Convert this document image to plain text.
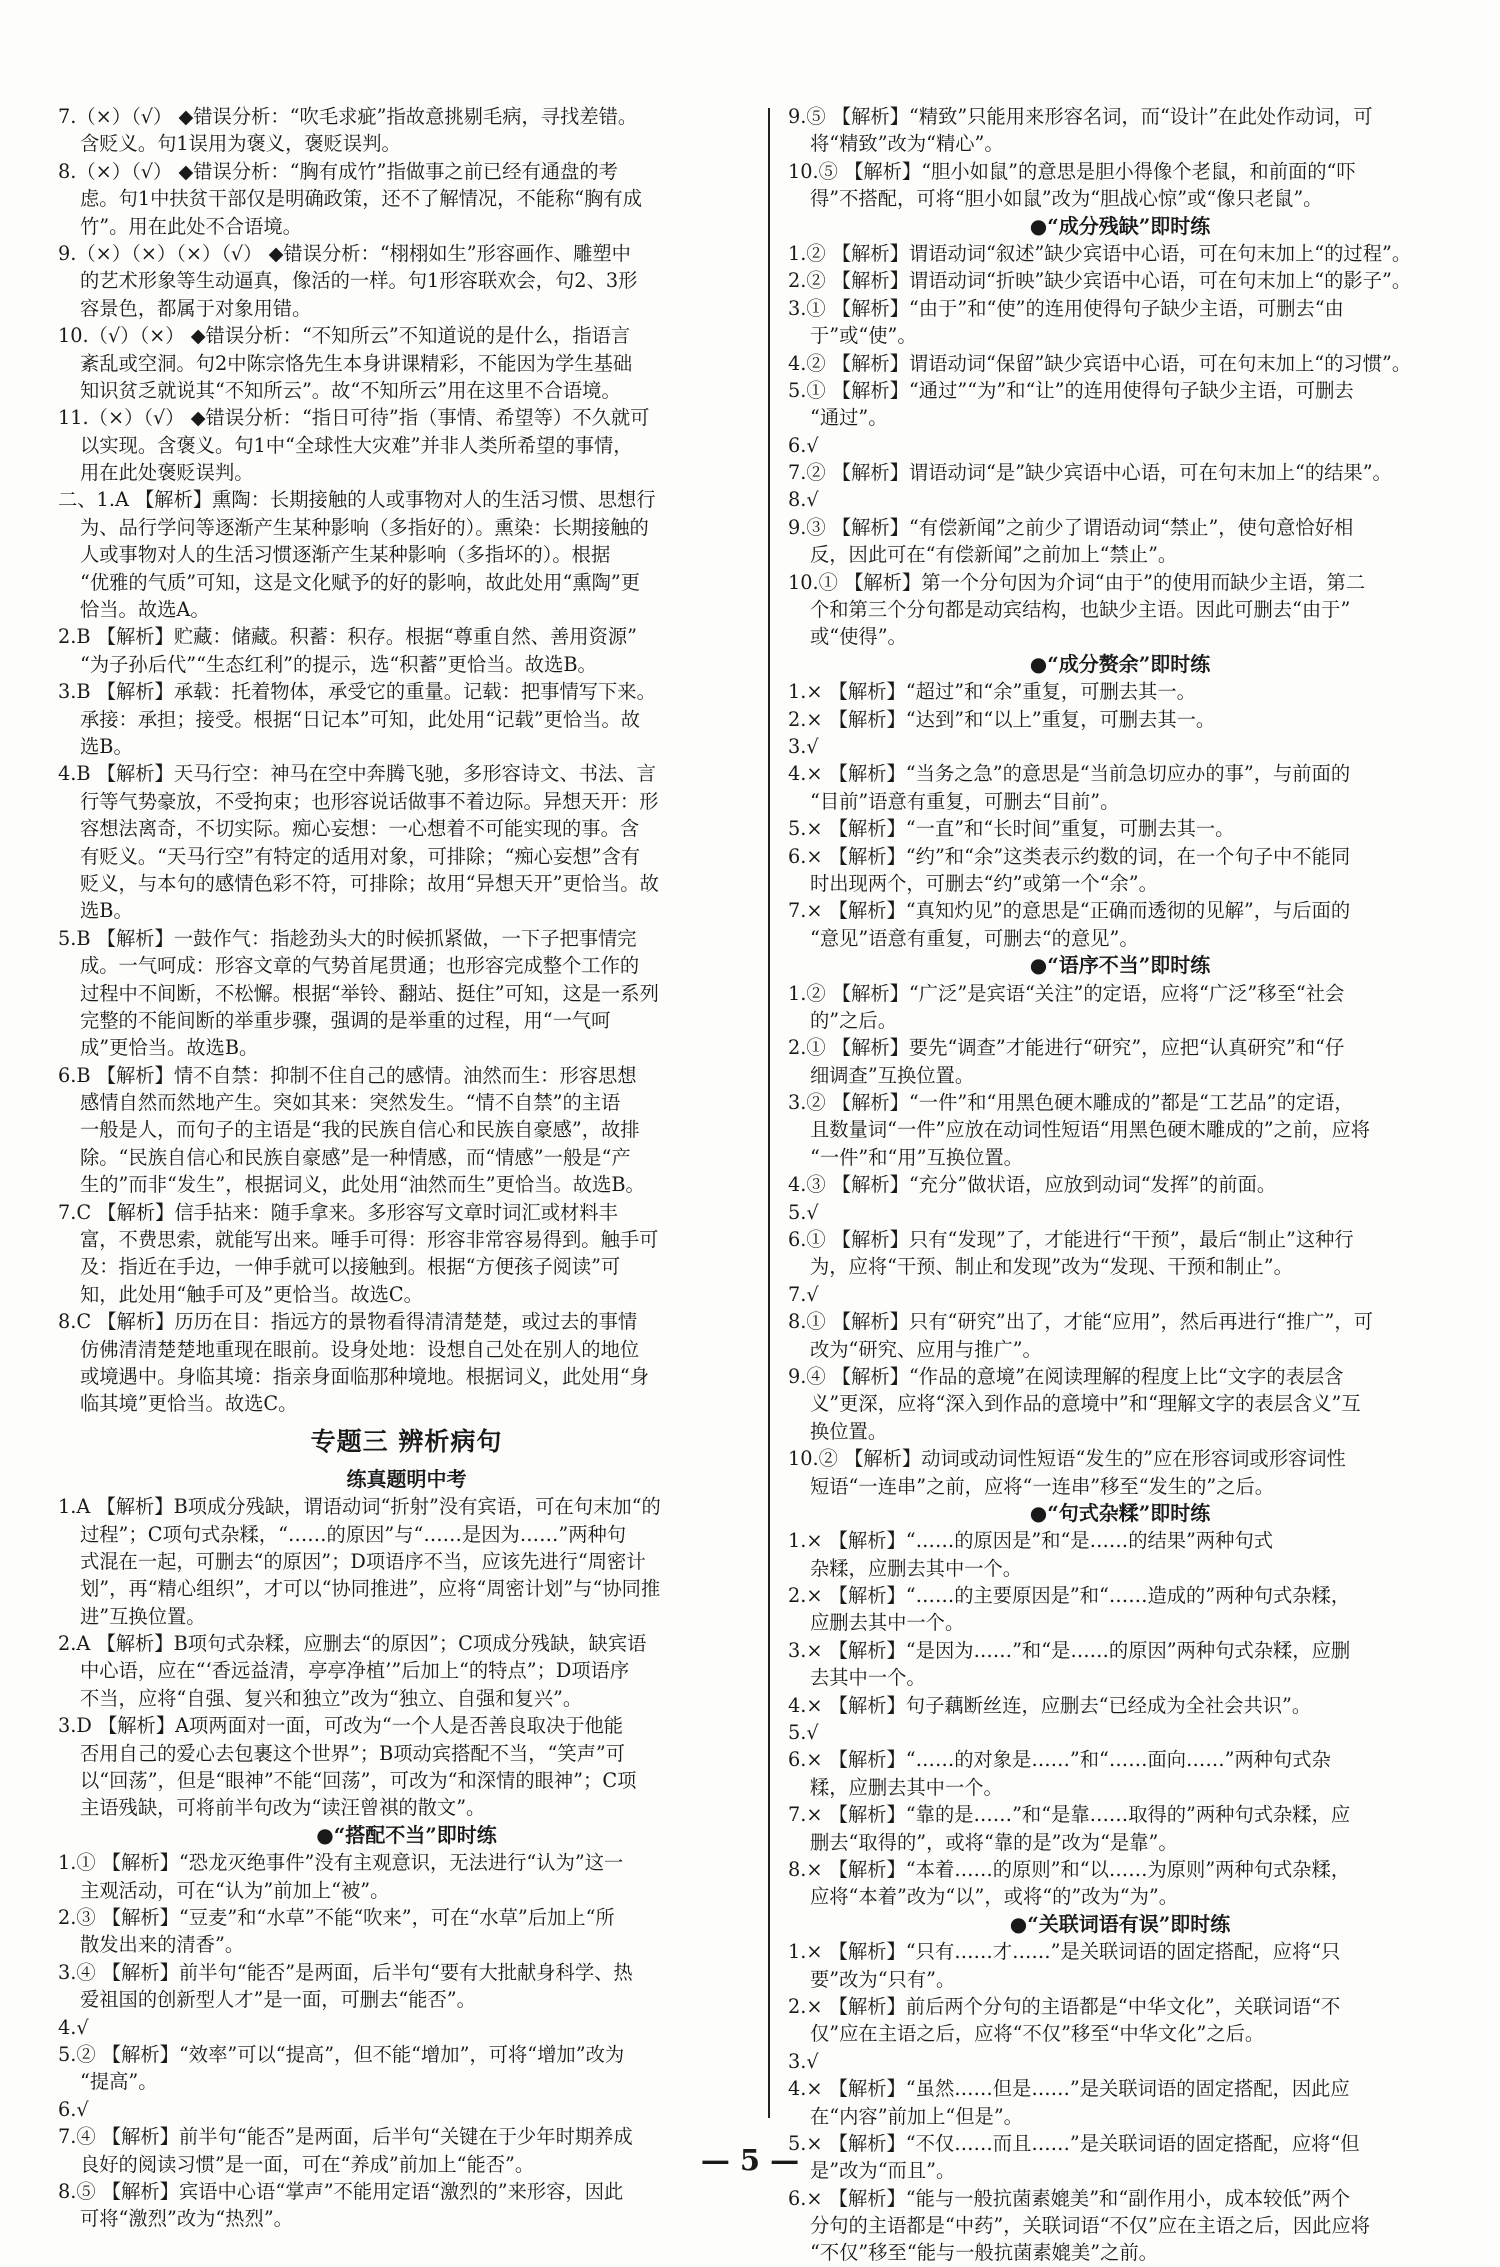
7.（×）（√） ◆错误分析：“吹毛求疵”指故意挑剔毛病，寻找差错。
含贬义。句1误用为褒义，褒贬误判。
8.（×）（√） ◆错误分析：“胸有成竹”指做事之前已经有通盘的考
虑。句1中扶贫干部仅是明确政策，还不了解情况，不能称“胸有成
竹”。用在此处不合语境。
9.（×）（×）（×）（√） ◆错误分析：“栩栩如生”形容画作、雕塑中
的艺术形象等生动逼真，像活的一样。句1形容联欢会，句2、3形
容景色，都属于对象用错。
10.（√）（×） ◆错误分析：“不知所云”不知道说的是什么，指语言
紊乱或空洞。句2中陈宗恪先生本身讲课精彩，不能因为学生基础
知识贫乏就说其“不知所云”。故“不知所云”用在这里不合语境。
11.（×）（√） ◆错误分析：“指日可待”指（事情、希望等）不久就可
以实现。含褒义。句1中“全球性大灾难”并非人类所希望的事情，
用在此处褒贬误判。
二、1.A 【解析】熏陶：长期接触的人或事物对人的生活习惯、思想行
为、品行学问等逐渐产生某种影响（多指好的）。熏染：长期接触的
人或事物对人的生活习惯逐渐产生某种影响（多指坏的）。根据
“优雅的气质”可知，这是文化赋予的好的影响，故此处用“熏陶”更
恰当。故选A。
2.B 【解析】贮藏：储藏。积蓄：积存。根据“尊重自然、善用资源”
“为子孙后代”“生态红利”的提示，选“积蓄”更恰当。故选B。
3.B 【解析】承载：托着物体，承受它的重量。记载：把事情写下来。
承接：承担；接受。根据“日记本”可知，此处用“记载”更恰当。故
选B。
4.B 【解析】天马行空：神马在空中奔腾飞驰，多形容诗文、书法、言
行等气势豪放，不受拘束；也形容说话做事不着边际。异想天开：形
容想法离奇，不切实际。痴心妄想：一心想着不可能实现的事。含
有贬义。“天马行空”有特定的适用对象，可排除；“痴心妄想”含有
贬义，与本句的感情色彩不符，可排除；故用“异想天开”更恰当。故
选B。
5.B 【解析】一鼓作气：指趁劲头大的时候抓紧做，一下子把事情完
成。一气呵成：形容文章的气势首尾贯通；也形容完成整个工作的
过程中不间断，不松懈。根据“举铃、翻站、挺住”可知，这是一系列
完整的不能间断的举重步骤，强调的是举重的过程，用“一气呵
成”更恰当。故选B。
6.B 【解析】情不自禁：抑制不住自己的感情。油然而生：形容思想
感情自然而然地产生。突如其来：突然发生。“情不自禁”的主语
一般是人，而句子的主语是“我的民族自信心和民族自豪感”，故排
除。“民族自信心和民族自豪感”是一种情感，而“情感”一般是“产
生的”而非“发生”，根据词义，此处用“油然而生”更恰当。故选B。
7.C 【解析】信手拈来：随手拿来。多形容写文章时词汇或材料丰
富，不费思索，就能写出来。唾手可得：形容非常容易得到。触手可
及：指近在手边，一伸手就可以接触到。根据“方便孩子阅读”可
知，此处用“触手可及”更恰当。故选C。
8.C 【解析】历历在目：指远方的景物看得清清楚楚，或过去的事情
仿佛清清楚楚地重现在眼前。设身处地：设想自己处在别人的地位
或境遇中。身临其境：指亲身面临那种境地。根据词义，此处用“身
临其境”更恰当。故选C。
专题三 辨析病句
练真题明中考
1.A 【解析】B项成分残缺，谓语动词“折射”没有宾语，可在句末加“的
过程”；C项句式杂糅，“……的原因”与“……是因为……”两种句
式混在一起，可删去“的原因”；D项语序不当，应该先进行“周密计
划”，再“精心组织”，才可以“协同推进”，应将“周密计划”与“协同推
进”互换位置。
2.A 【解析】B项句式杂糅，应删去“的原因”；C项成分残缺，缺宾语
中心语，应在“‘香远益清，亭亭净植’”后加上“的特点”；D项语序
不当，应将“自强、复兴和独立”改为“独立、自强和复兴”。
3.D 【解析】A项两面对一面，可改为“一个人是否善良取决于他能
否用自己的爱心去包裹这个世界”；B项动宾搭配不当，“笑声”可
以“回荡”，但是“眼神”不能“回荡”，可改为“和深情的眼神”；C项
主语残缺，可将前半句改为“读汪曾祺的散文”。
●“搭配不当”即时练
1.① 【解析】“恐龙灭绝事件”没有主观意识，无法进行“认为”这一
主观活动，可在“认为”前加上“被”。
2.③ 【解析】“豆麦”和“水草”不能“吹来”，可在“水草”后加上“所
散发出来的清香”。
3.④ 【解析】前半句“能否”是两面，后半句“要有大批献身科学、热
爱祖国的创新型人才”是一面，可删去“能否”。
4.√
5.② 【解析】“效率”可以“提高”，但不能“增加”，可将“增加”改为
“提高”。
6.√
7.④ 【解析】前半句“能否”是两面，后半句“关键在于少年时期养成
良好的阅读习惯”是一面，可在“养成”前加上“能否”。
8.⑤ 【解析】宾语中心语“掌声”不能用定语“激烈的”来形容，因此
可将“激烈”改为“热烈”。
9.⑤ 【解析】“精致”只能用来形容名词，而“设计”在此处作动词，可
将“精致”改为“精心”。
10.⑤ 【解析】“胆小如鼠”的意思是胆小得像个老鼠，和前面的“吓
得”不搭配，可将“胆小如鼠”改为“胆战心惊”或“像只老鼠”。
●“成分残缺”即时练
1.② 【解析】谓语动词“叙述”缺少宾语中心语，可在句末加上“的过程”。
2.② 【解析】谓语动词“折映”缺少宾语中心语，可在句末加上“的影子”。
3.① 【解析】“由于”和“使”的连用使得句子缺少主语，可删去“由
于”或“使”。
4.② 【解析】谓语动词“保留”缺少宾语中心语，可在句末加上“的习惯”。
5.① 【解析】“通过”“为”和“让”的连用使得句子缺少主语，可删去
“通过”。
6.√
7.② 【解析】谓语动词“是”缺少宾语中心语，可在句末加上“的结果”。
8.√
9.③ 【解析】“有偿新闻”之前少了谓语动词“禁止”，使句意恰好相
反，因此可在“有偿新闻”之前加上“禁止”。
10.① 【解析】第一个分句因为介词“由于”的使用而缺少主语，第二
个和第三个分句都是动宾结构，也缺少主语。因此可删去“由于”
或“使得”。
●“成分赘余”即时练
1.× 【解析】“超过”和“余”重复，可删去其一。
2.× 【解析】“达到”和“以上”重复，可删去其一。
3.√
4.× 【解析】“当务之急”的意思是“当前急切应办的事”，与前面的
“目前”语意有重复，可删去“目前”。
5.× 【解析】“一直”和“长时间”重复，可删去其一。
6.× 【解析】“约”和“余”这类表示约数的词，在一个句子中不能同
时出现两个，可删去“约”或第一个“余”。
7.× 【解析】“真知灼见”的意思是“正确而透彻的见解”，与后面的
“意见”语意有重复，可删去“的意见”。
●“语序不当”即时练
1.② 【解析】“广泛”是宾语“关注”的定语，应将“广泛”移至“社会
的”之后。
2.① 【解析】要先“调查”才能进行“研究”，应把“认真研究”和“仔
细调查”互换位置。
3.② 【解析】“一件”和“用黑色硬木雕成的”都是“工艺品”的定语，
且数量词“一件”应放在动词性短语“用黑色硬木雕成的”之前，应将
“一件”和“用”互换位置。
4.③ 【解析】“充分”做状语，应放到动词“发挥”的前面。
5.√
6.① 【解析】只有“发现”了，才能进行“干预”，最后“制止”这种行
为，应将“干预、制止和发现”改为“发现、干预和制止”。
7.√
8.① 【解析】只有“研究”出了，才能“应用”，然后再进行“推广”，可
改为“研究、应用与推广”。
9.④ 【解析】“作品的意境”在阅读理解的程度上比“文字的表层含
义”更深，应将“深入到作品的意境中”和“理解文字的表层含义”互
换位置。
10.② 【解析】动词或动词性短语“发生的”应在形容词或形容词性
短语“一连串”之前，应将“一连串”移至“发生的”之后。
●“句式杂糅”即时练
1.× 【解析】“……的原因是”和“是……的结果”两种句式
杂糅，应删去其中一个。
2.× 【解析】“……的主要原因是”和“……造成的”两种句式杂糅，
应删去其中一个。
3.× 【解析】“是因为……”和“是……的原因”两种句式杂糅，应删
去其中一个。
4.× 【解析】句子藕断丝连，应删去“已经成为全社会共识”。
5.√
6.× 【解析】“……的对象是……”和“……面向……”两种句式杂
糅，应删去其中一个。
7.× 【解析】“靠的是……”和“是靠……取得的”两种句式杂糅，应
删去“取得的”，或将“靠的是”改为“是靠”。
8.× 【解析】“本着……的原则”和“以……为原则”两种句式杂糅，
应将“本着”改为“以”，或将“的”改为“为”。
●“关联词语有误”即时练
1.× 【解析】“只有……才……”是关联词语的固定搭配，应将“只
要”改为“只有”。
2.× 【解析】前后两个分句的主语都是“中华文化”，关联词语“不
仅”应在主语之后，应将“不仅”移至“中华文化”之后。
3.√
4.× 【解析】“虽然……但是……”是关联词语的固定搭配，因此应
在“内容”前加上“但是”。
5.× 【解析】“不仅……而且……”是关联词语的固定搭配，应将“但
是”改为“而且”。
6.× 【解析】“能与一般抗菌素媲美”和“副作用小，成本较低”两个
分句的主语都是“中药”，关联词语“不仅”应在主语之后，因此应将
“不仅”移至“能与一般抗菌素媲美”之前。
— 5 —
